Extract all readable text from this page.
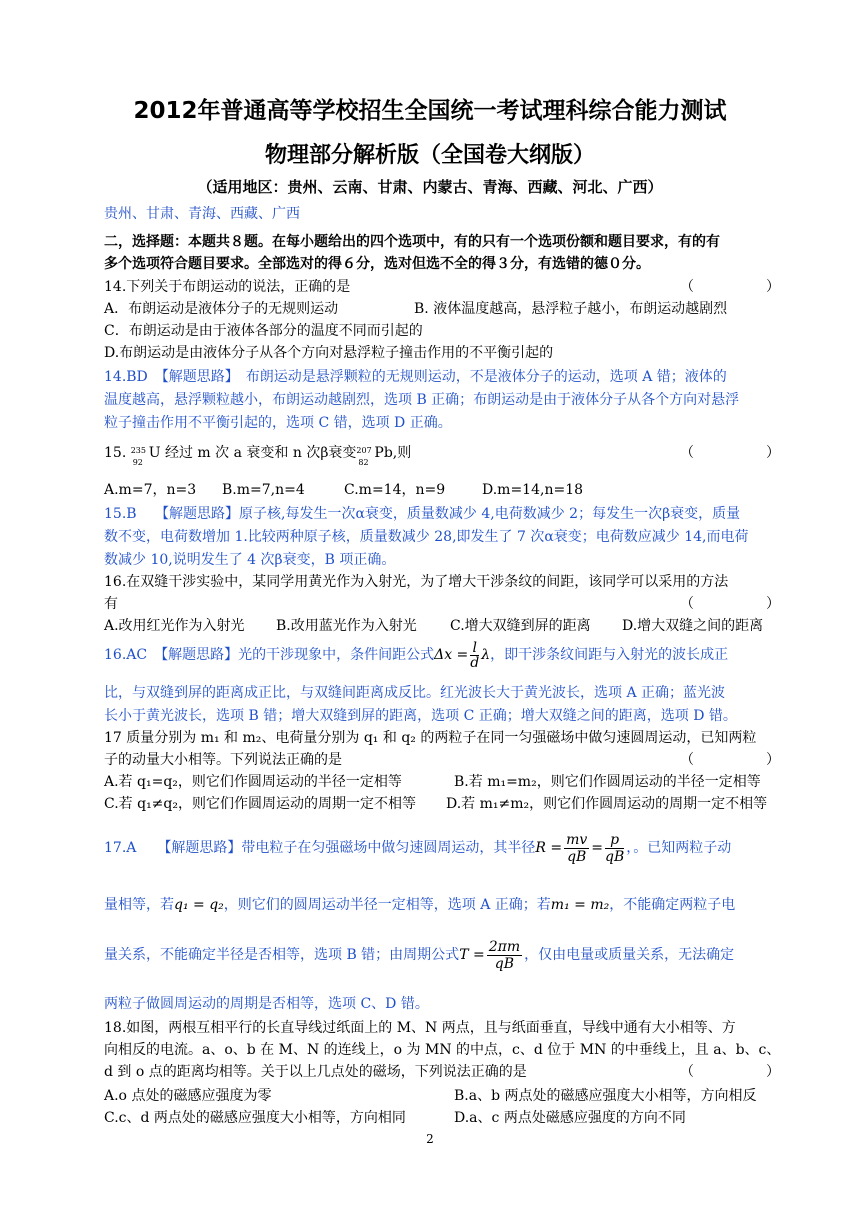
2012年普通高等学校招生全国统一考试理科综合能力测试
物理部分解析版（全国卷大纲版）
（适用地区：贵州、云南、甘肃、内蒙古、青海、西藏、河北、广西）
贵州、甘肃、青海、西藏、广西
二，选择题：本题共８题。在每小题给出的四个选项中，有的只有一个选项份额和题目要求，有的有
多个选项符合题目要求。全部选对的得６分，选对但选不全的得３分，有选错的德０分。
14.下列关于布朗运动的说法，正确的是	（	）
A．布朗运动是液体分子的无规则运动	B. 液体温度越高，悬浮粒子越小，布朗运动越剧烈
C．布朗运动是由于液体各部分的温度不同而引起的
D.布朗运动是由液体分子从各个方向对悬浮粒子撞击作用的不平衡引起的
14.BD　【解题思路】　布朗运动是悬浮颗粒的无规则运动，不是液体分子的运动，选项 A 错；液体的
温度越高，悬浮颗粒越小，布朗运动越剧烈，选项 B 正确；布朗运动是由于液体分子从各个方向对悬浮
粒子撞击作用不平衡引起的，选项 C 错，选项 D 正确。
15. 235
92
U 经过 m 次 a 衰变和 n 次β衰变 207
82
Pb,则	（	）
A.m=7，n=3 B.m=7,n=4	C.m=14，n=9	D.m=14,n=18
15.B　 【解题思路】原子核,每发生一次α衰变，质量数减少 4,电荷数减少 2；每发生一次β衰变，质量
数不变，电荷数增加 1.比较两种原子核，质量数减少 28,即发生了 7 次α衰变；电荷数应减少 14,而电荷
数减少 10,说明发生了 4 次β衰变，B 项正确。
16.在双缝干涉实验中，某同学用黄光作为入射光，为了增大干涉条纹的间距，该同学可以采用的方法
有	（	）
A.改用红光作为入射光 B.改用蓝光作为入射光 C.增大双缝到屏的距离 D.增大双缝之间的距离
16.AC　【解题思路】光的干涉现象中，条件间距公式$\Delta x = \frac{l}{d}$ λ，即干涉条纹间距与入射光的波长成正
比，与双缝到屏的距离成正比，与双缝间距离成反比。红光波长大于黄光波长，选项 A 正确；蓝光波
长小于黄光波长，选项 B 错；增大双缝到屏的距离，选项 C 正确；增大双缝之间的距离，选项 D 错。
17 质量分别为 m₁ 和 m₂、电荷量分别为 q₁ 和 q₂ 的两粒子在同一匀强磁场中做匀速圆周运动，已知两粒
子的动量大小相等。下列说法正确的是	（	）
A.若 q₁=q₂，则它们作圆周运动的半径一定相等	B.若 m₁=m₂，则它们作圆周运动的半径一定相等
C.若 q₁≠q₂，则它们作圆周运动的周期一定不相等 D.若 m₁≠m₂，则它们作圆周运动的周期一定不相等
17.A　　【解题思路】带电粒子在匀强磁场中做匀速圆周运动，其半径$R = \frac{mv}{qB} = \frac{p}{qB}$ ，。已知两粒子动
量相等，若q₁ = q₂，则它们的圆周运动半径一定相等，选项 A 正确；若m₁ = m₂，不能确定两粒子电
量关系，不能确定半径是否相等，选项 B 错；由周期公式$T = \frac{2\pi m}{qB}$ ，仅由电量或质量关系，无法确定
两粒子做圆周运动的周期是否相等，选项 C、D 错。
18.如图，两根互相平行的长直导线过纸面上的 M、N 两点，且与纸面垂直，导线中通有大小相等、方
向相反的电流。a、o、b 在 M、N 的连线上，o 为 MN 的中点，c、d 位于 MN 的中垂线上，且 a、b、c、
d 到 o 点的距离均相等。关于以上几点处的磁场，下列说法正确的是	（	）
A.o 点处的磁感应强度为零	B.a、b 两点处的磁感应强度大小相等，方向相反
C.c、d 两点处的磁感应强度大小相等，方向相同	D.a、c 两点处磁感应强度的方向不同
2
